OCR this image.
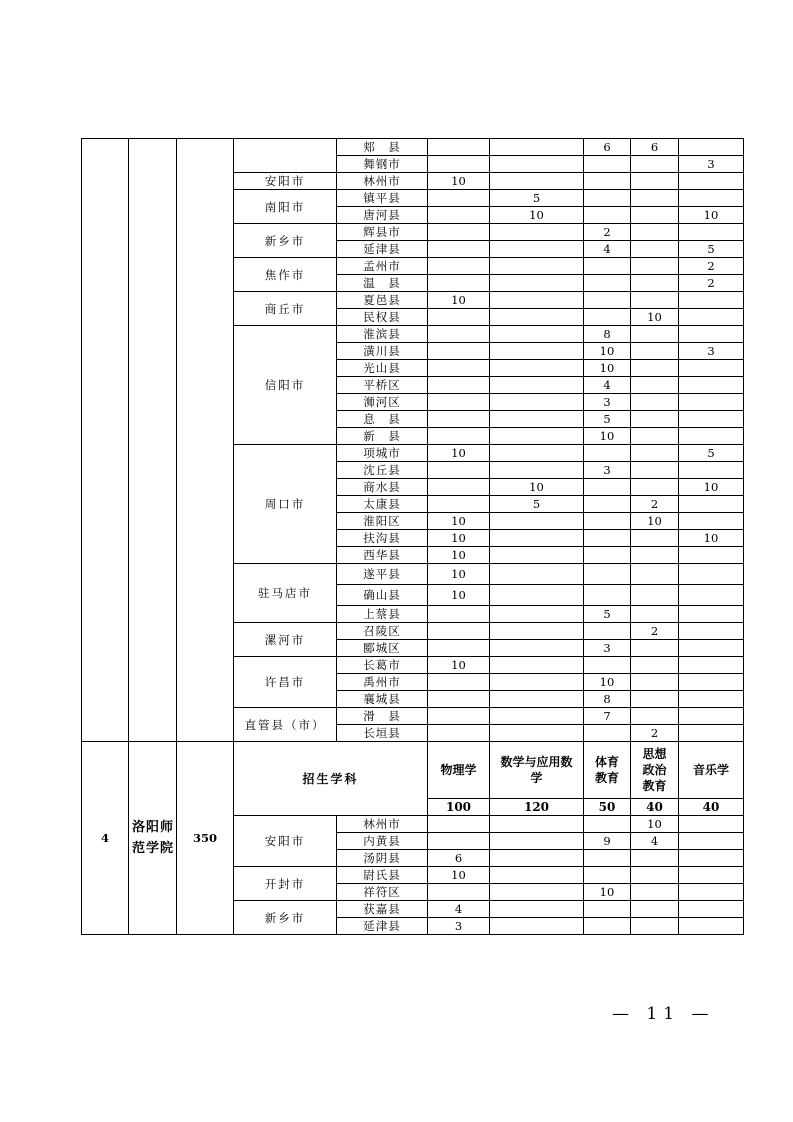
				郏　县			6	6	
				舞钢市					3
			安阳市	林州市	10				
			南阳市	镇平县		5			
				唐河县		10			10
			新乡市	辉县市			2		
				延津县			4		5
			焦作市	孟州市					2
				温　县					2
			商丘市	夏邑县	10				
				民权县				10	
			信阳市	淮滨县			8		
				潢川县			10		3
				光山县			10		
				平桥区			4		
				浉河区			3		
				息　县			5		
				新　县			10		
			周口市	项城市	10				5
				沈丘县			3		
				商水县		10			10
				太康县		5		2	
				淮阳区	10			10	
				扶沟县	10				10
				西华县	10				
			驻马店市	遂平县	10				
				确山县	10				
				上蔡县			5		
			漯河市	召陵区				2	
				郾城区			3		
			许昌市	长葛市	10				
				禹州市			10		
				襄城县			8		
			直管县（市）	滑　县			7		
				长垣县				2	
4	洛阳师范学院	350	招生学科		物理学	数学与应用数学	体育教育	思想政治教育	音乐学
					100	120	50	40	40
			安阳市	林州市				10	
				内黄县			9	4	
				汤阴县	6				
			开封市	尉氏县	10				
				祥符区			10		
			新乡市	获嘉县	4				
				延津县	3				
— 11 —
